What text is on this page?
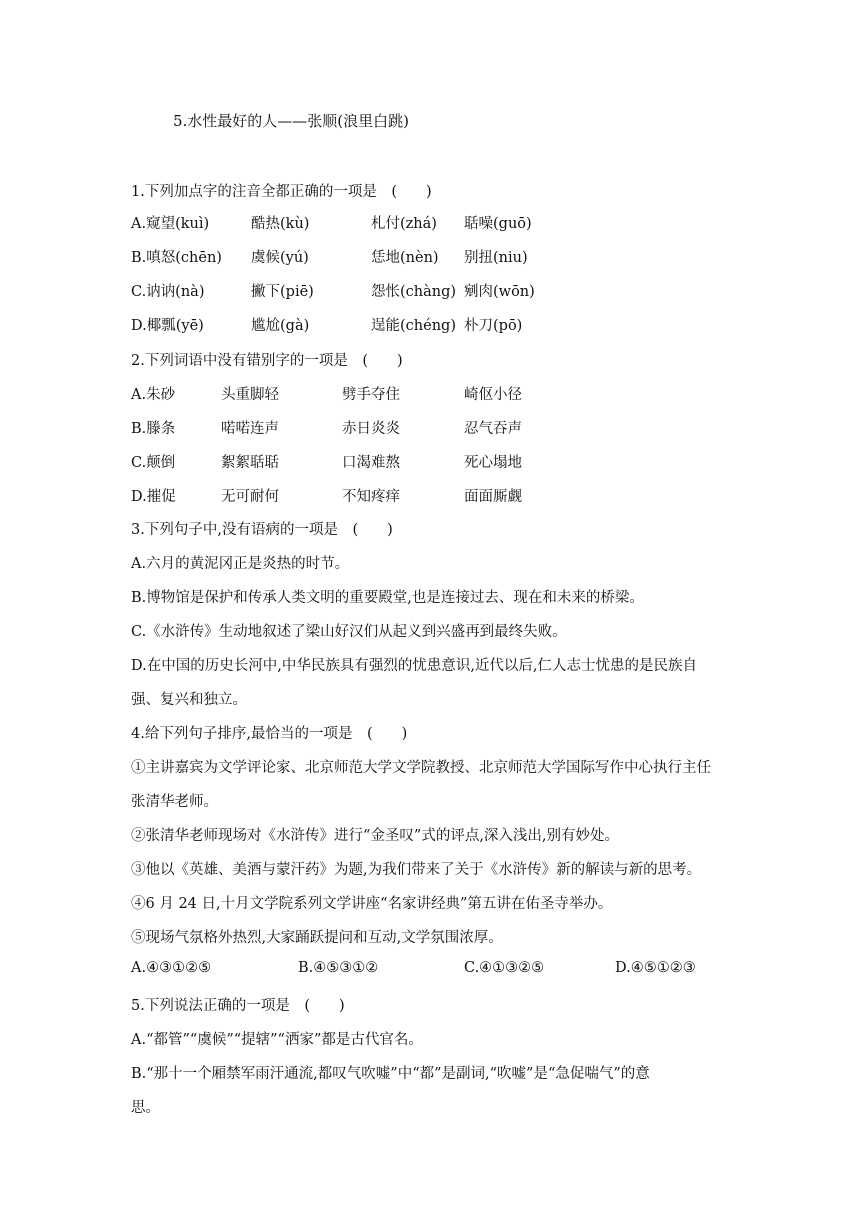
5.水性最好的人——张顺(浪里白跳)
1.下列加点字的注音全都正确的一项是　(　　)
A.窥望(kuì)	酷热(kù)	札付(zhá) 聒噪(guō)
B.嗔怒(chēn) 虞候(yú)	恁地(nèn) 别扭(niu)
C.讷讷(nà)	撇下(piē)	怨怅(chàng) 剜肉(wōn)
D.椰瓢(yē)	尴尬(gà)	逞能(chéng) 朴刀(pō)
2.下列词语中没有错别字的一项是　(　　)
A.朱砂	头重脚轻	劈手夺住	崎伛小径
B.滕条	喏喏连声	赤日炎炎	忍气吞声
C.颠倒	絮絮聒聒	口渴难熬	死心塌地
D.摧促	无可耐何	不知疼痒	面面厮觑
3.下列句子中,没有语病的一项是　(　　)
A.六月的黄泥冈正是炎热的时节。
B.博物馆是保护和传承人类文明的重要殿堂,也是连接过去、现在和未来的桥梁。
C.《水浒传》生动地叙述了梁山好汉们从起义到兴盛再到最终失败。
D.在中国的历史长河中,中华民族具有强烈的忧患意识,近代以后,仁人志士忧患的是民族自
强、复兴和独立。
4.给下列句子排序,最恰当的一项是　(　　)
①主讲嘉宾为文学评论家、北京师范大学文学院教授、北京师范大学国际写作中心执行主任
张清华老师。
②张清华老师现场对《水浒传》进行“金圣叹”式的评点,深入浅出,别有妙处。
③他以《英雄、美酒与蒙汗药》为题,为我们带来了关于《水浒传》新的解读与新的思考。
④6 月 24 日,十月文学院系列文学讲座“名家讲经典”第五讲在佑圣寺举办。
⑤现场气氛格外热烈,大家踊跃提问和互动,文学氛围浓厚。
A.④③①②⑤	B.④⑤③①②	C.④①③②⑤	D.④⑤①②③
5.下列说法正确的一项是　(　　)
A.“都管”“虞候”“提辖”“洒家”都是古代官名。
B.“那十一个厢禁军雨汗通流,都叹气吹嘘”中“都”是副词,“吹嘘”是“急促喘气”的意
思。
